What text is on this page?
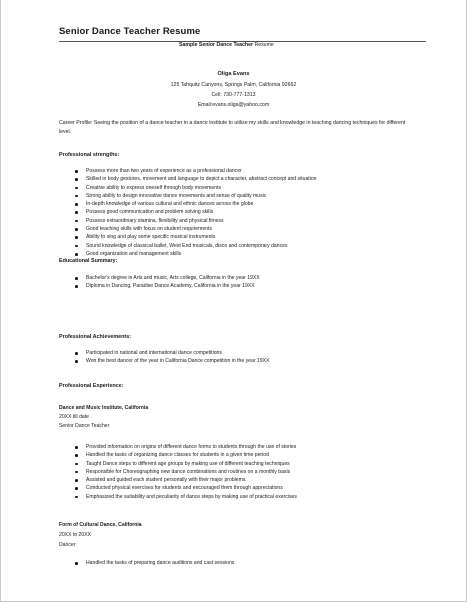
Senior Dance Teacher Resume
Sample Senior Dance Teacher Resume
Oliga Evans
125 Tahquitz Canyons, Springs Palm, California 92662
Cell: 730-777-1313
Email:evans.oliga@yahoo.com
Career Profile: Seeing the position of a dance teacher in a dance institute to utilize my skills and knowledge in teaching dancing techniques for different level.
Professional strengths:
Possess more than two years of experience as a professional dancer
Skilled in body gestures, movement and language to depict a character, abstract concept and situation
Creative ability to express oneself through body movements
Strong ability to design innovative dance movements and sense of quality music
In-depth knowledge of various cultural and ethnic dances across the globe
Possess good communication and problem solving skills
Possess extraordinary stamina, flexibility and physical fitness
Good teaching skills with focus on student requirements
Ability to sing and play some specific musical instruments
Sound knowledge of classical ballet, West End musicals, disco and contemporary dances
Good organization and management skills
Educational Summary:
Bachelor's degree in Arts and music, Arts college, California in the year 19XX
Diploma in Dancing, Paradise Dance Academy, California in the year 19XX
Professional Achievements:
Participated in national and international dance competitions
Won the best dancer of the year in California Dance competition in the year 19XX
Professional Experience:
Dance and Music Institute, California
20XX till date
Senior Dance Teacher
Provided information on origins of different dance forms to students through the use of stories
Handled the tasks of organizing dance classes for students in a given time period
Taught Dance steps to different age groups by making use of different teaching techniques
Responsible for Choreographing new dance combinations and routines on a monthly basis
Assisted and guided each student personally with their major problems
Conducted physical exercises for students and encouraged them through appreciations
Emphasized the suitability and peculiarity of dance steps by making use of practical exercises
Form of Cultural Dance, California
20XX to 20XX
Dancer
Handled the tasks of preparing dance auditions and cast sessions
